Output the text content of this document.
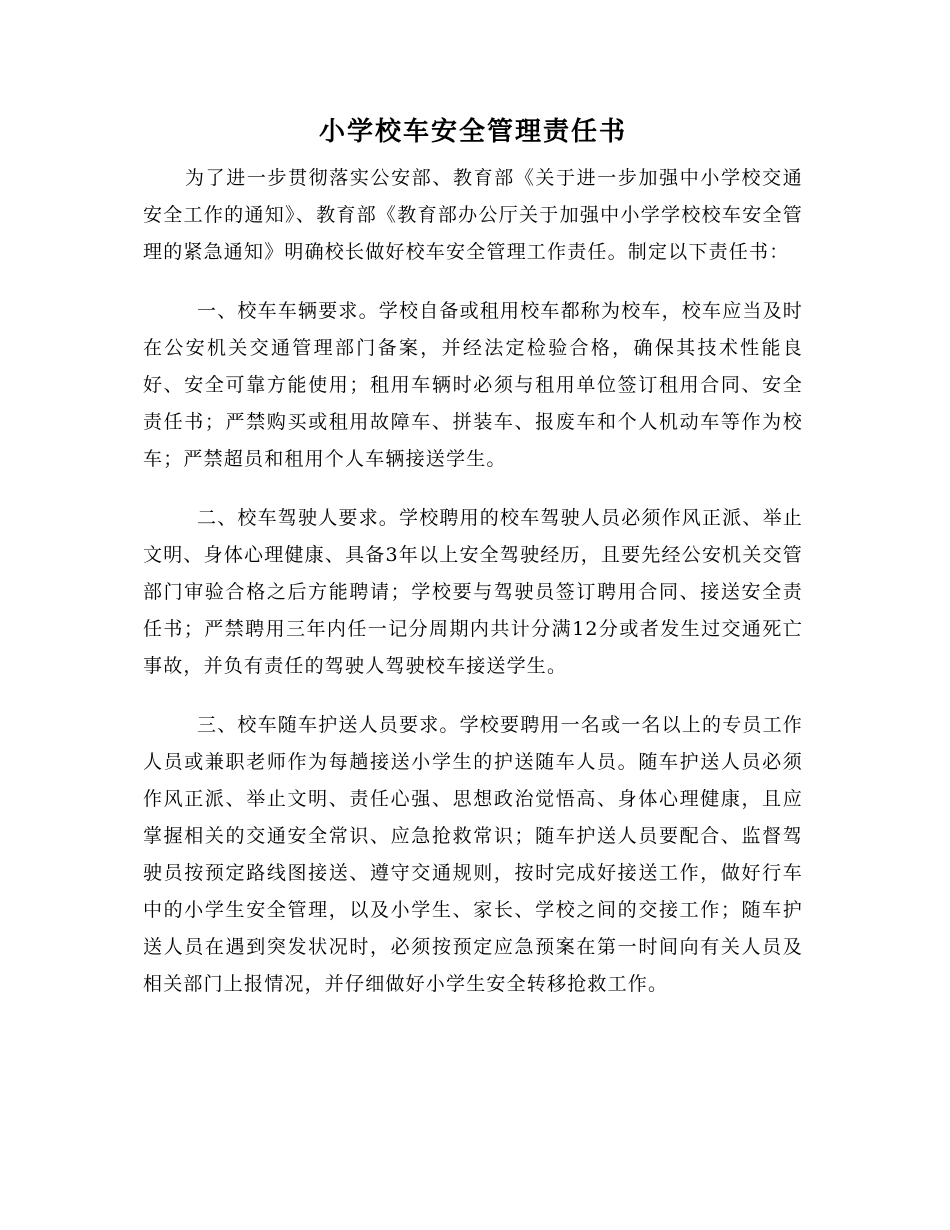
小学校车安全管理责任书

为了进一步贯彻落实公安部、教育部《关于进一步加强中小学校交通安全工作的通知》、教育部《教育部办公厅关于加强中小学学校校车安全管理的紧急通知》明确校长做好校车安全管理工作责任。制定以下责任书：

一、校车车辆要求。学校自备或租用校车都称为校车，校车应当及时在公安机关交通管理部门备案，并经法定检验合格，确保其技术性能良好、安全可靠方能使用；租用车辆时必须与租用单位签订租用合同、安全责任书；严禁购买或租用故障车、拼装车、报废车和个人机动车等作为校车；严禁超员和租用个人车辆接送学生。

二、校车驾驶人要求。学校聘用的校车驾驶人员必须作风正派、举止文明、身体心理健康、具备3年以上安全驾驶经历，且要先经公安机关交管部门审验合格之后方能聘请；学校要与驾驶员签订聘用合同、接送安全责任书；严禁聘用三年内任一记分周期内共计分满12分或者发生过交通死亡事故，并负有责任的驾驶人驾驶校车接送学生。

三、校车随车护送人员要求。学校要聘用一名或一名以上的专员工作人员或兼职老师作为每趟接送小学生的护送随车人员。随车护送人员必须作风正派、举止文明、责任心强、思想政治觉悟高、身体心理健康，且应掌握相关的交通安全常识、应急抢救常识；随车护送人员要配合、监督驾驶员按预定路线图接送、遵守交通规则，按时完成好接送工作，做好行车中的小学生安全管理，以及小学生、家长、学校之间的交接工作；随车护送人员在遇到突发状况时，必须按预定应急预案在第一时间向有关人员及相关部门上报情况，并仔细做好小学生安全转移抢救工作。
